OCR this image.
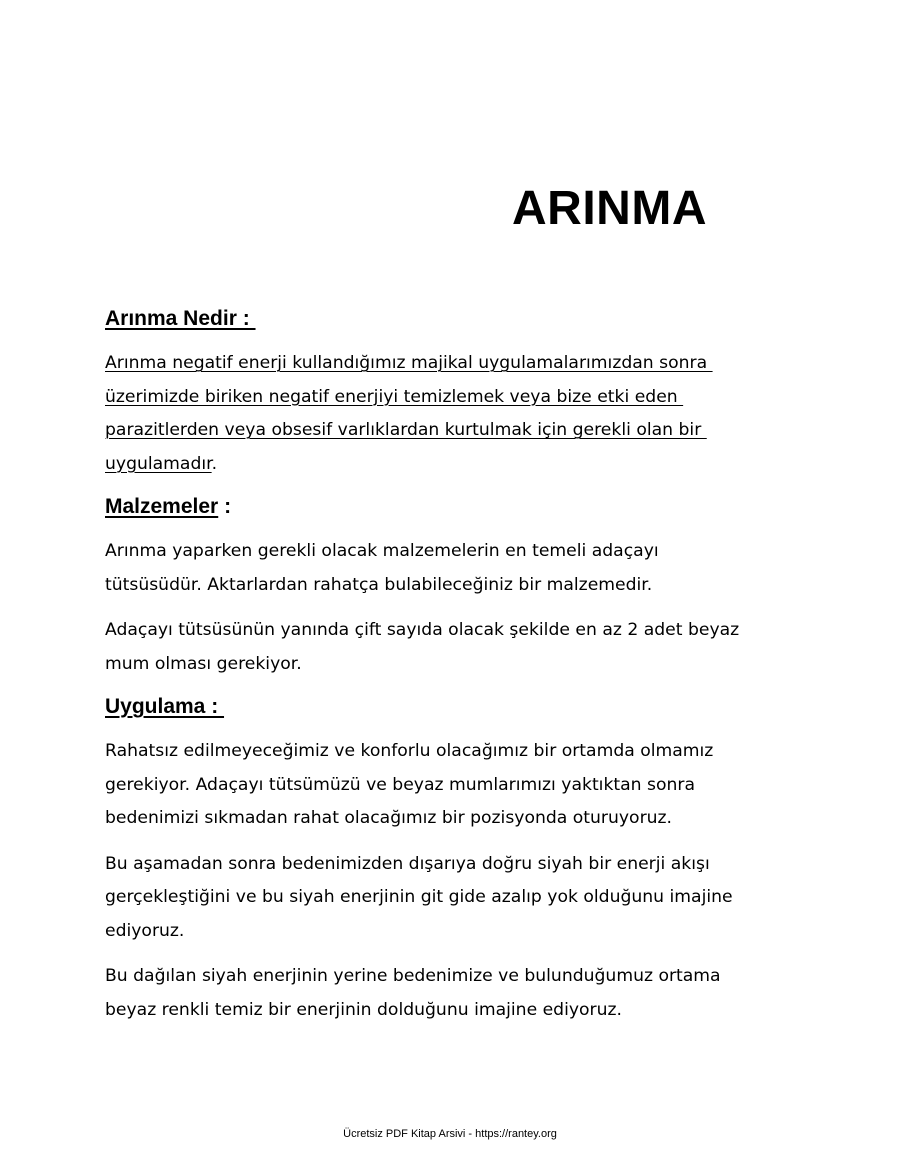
ARINMA
Arınma Nedir :

Arınma negatif enerji kullandığımız majikal uygulamalarımızdan sonra
üzerimizde biriken negatif enerjiyi temizlemek veya bize etki eden
parazitlerden veya obsesif varlıklardan kurtulmak için gerekli olan bir
uygulamadır.

Malzemeler :

Arınma yaparken gerekli olacak malzemelerin en temeli adaçayı
tütsüsüdür. Aktarlardan rahatça bulabileceğiniz bir malzemedir.

Adaçayı tütsüsünün yanında çift sayıda olacak şekilde en az 2 adet beyaz
mum olması gerekiyor.

Uygulama :

Rahatsız edilmeyeceğimiz ve konforlu olacağımız bir ortamda olmamız
gerekiyor. Adaçayı tütsümüzü ve beyaz mumlarımızı yaktıktan sonra
bedenimizi sıkmadan rahat olacağımız bir pozisyonda oturuyoruz.

Bu aşamadan sonra bedenimizden dışarıya doğru siyah bir enerji akışı
gerçekleştiğini ve bu siyah enerjinin git gide azalıp yok olduğunu imajine
ediyoruz.

Bu dağılan siyah enerjinin yerine bedenimize ve bulunduğumuz ortama
beyaz renkli temiz bir enerjinin dolduğunu imajine ediyoruz.

Ücretsiz PDF Kitap Arsivi - https://rantey.org
